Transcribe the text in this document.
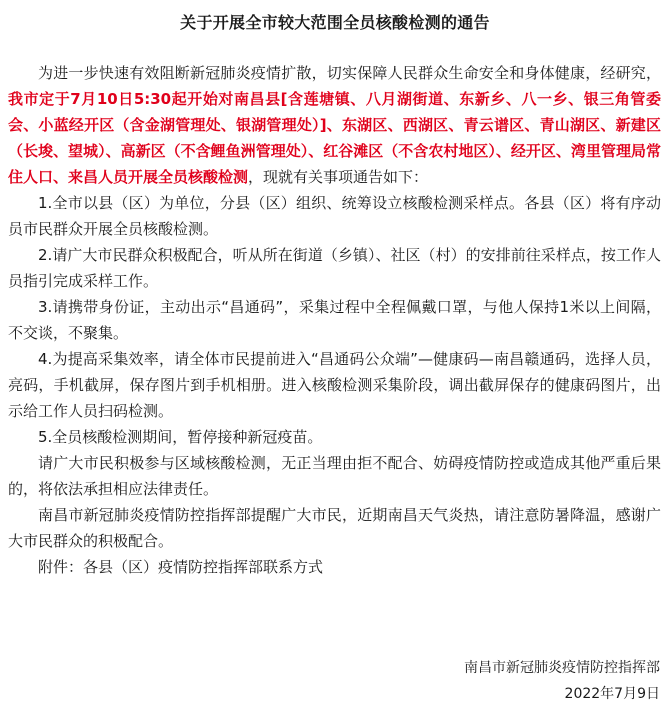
关于开展全市较大范围全员核酸检测的通告

为进一步快速有效阻断新冠肺炎疫情扩散，切实保障人民群众生命安全和身体健康，经研究，我市定于7月10日5:30起开始对南昌县[含莲塘镇、八月湖街道、东新乡、八一乡、银三角管委会、小蓝经开区（含金湖管理处、银湖管理处）]、东湖区、西湖区、青云谱区、青山湖区、新建区（长埈、望城）、高新区（不含鲤鱼洲管理处）、红谷滩区（不含农村地区）、经开区、湾里管理局常住人口、来昌人员开展全员核酸检测，现就有关事项通告如下：

1.全市以县（区）为单位，分县（区）组织、统筹设立核酸检测采样点。各县（区）将有序动员市民群众开展全员核酸检测。

2.请广大市民群众积极配合，听从所在街道（乡镇）、社区（村）的安排前往采样点，按工作人员指引完成采样工作。

3.请携带身份证，主动出示“昌通码”，采集过程中全程佩戴口罩，与他人保持1米以上间隔，不交谈，不聚集。

4.为提高采集效率，请全体市民提前进入“昌通码公众端”—健康码—南昌赣通码，选择人员，亮码，手机截屏，保存图片到手机相册。进入核酸检测采集阶段，调出截屏保存的健康码图片，出示给工作人员扫码检测。

5.全员核酸检测期间，暂停接种新冠疫苗。

请广大市民积极参与区域核酸检测，无正当理由拒不配合、妨碍疫情防控或造成其他严重后果的，将依法承担相应法律责任。

南昌市新冠肺炎疫情防控指挥部提醒广大市民，近期南昌天气炎热，请注意防暑降温，感谢广大市民群众的积极配合。

附件：各县（区）疫情防控指挥部联系方式

南昌市新冠肺炎疫情防控指挥部
2022年7月9日
